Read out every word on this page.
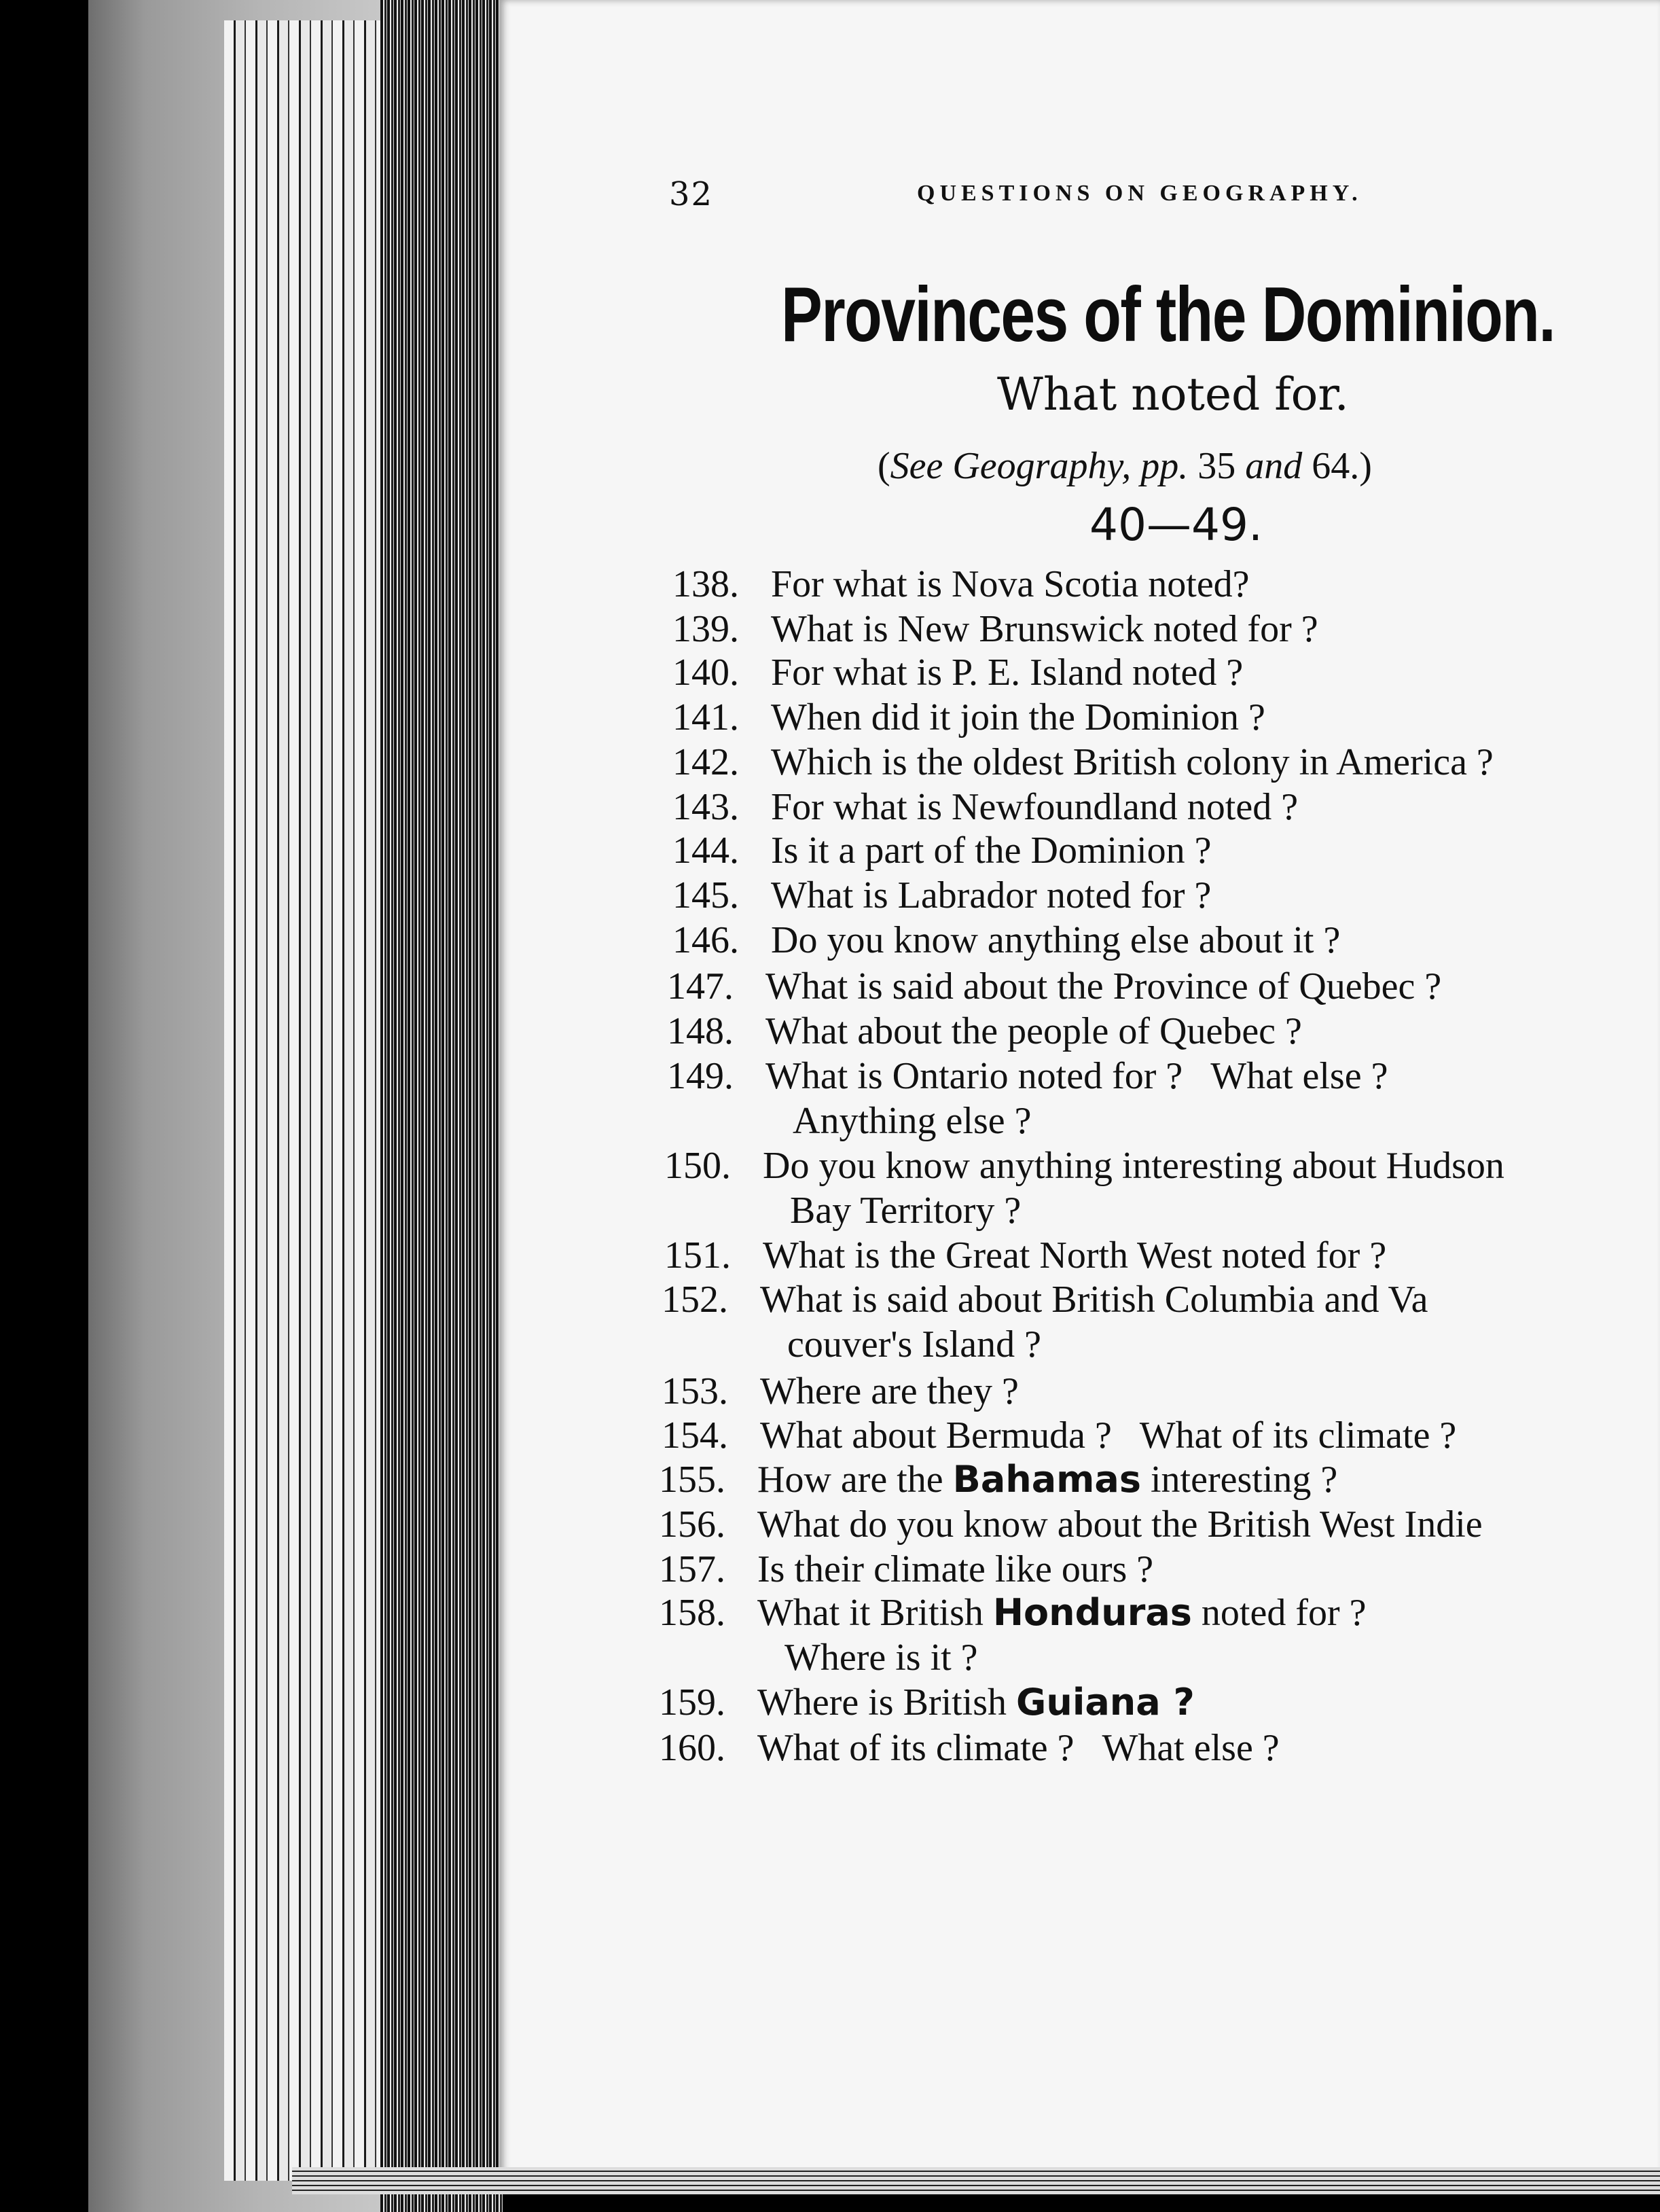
32	QUESTIONS ON GEOGRAPHY.
Provinces of the Dominion.
What noted for.
(See Geography, pp. 35 and 64.)
40—49.
138. For what is Nova Scotia noted?
139. What is New Brunswick noted for ?
140. For what is P. E. Island noted ?
141. When did it join the Dominion ?
142. Which is the oldest British colony in America ?
143. For what is Newfoundland noted ?
144. Is it a part of the Dominion ?
145. What is Labrador noted for ?
146. Do you know anything else about it ?
147. What is said about the Province of Quebec ?
148. What about the people of Quebec ?
149. What is Ontario noted for ?   What else ?
Anything else ?
150. Do you know anything interesting about Hudson
Bay Territory ?
151. What is the Great North West noted for ?
152. What is said about British Columbia and Va
couver's Island ?
153. Where are they ?
154. What about Bermuda ?   What of its climate ?
155. How are the Bahamas interesting ?
156. What do you know about the British West Indie
157. Is their climate like ours ?
158. What it British Honduras noted for ?
Where is it ?
159. Where is British Guiana ?
160. What of its climate ?   What else ?
